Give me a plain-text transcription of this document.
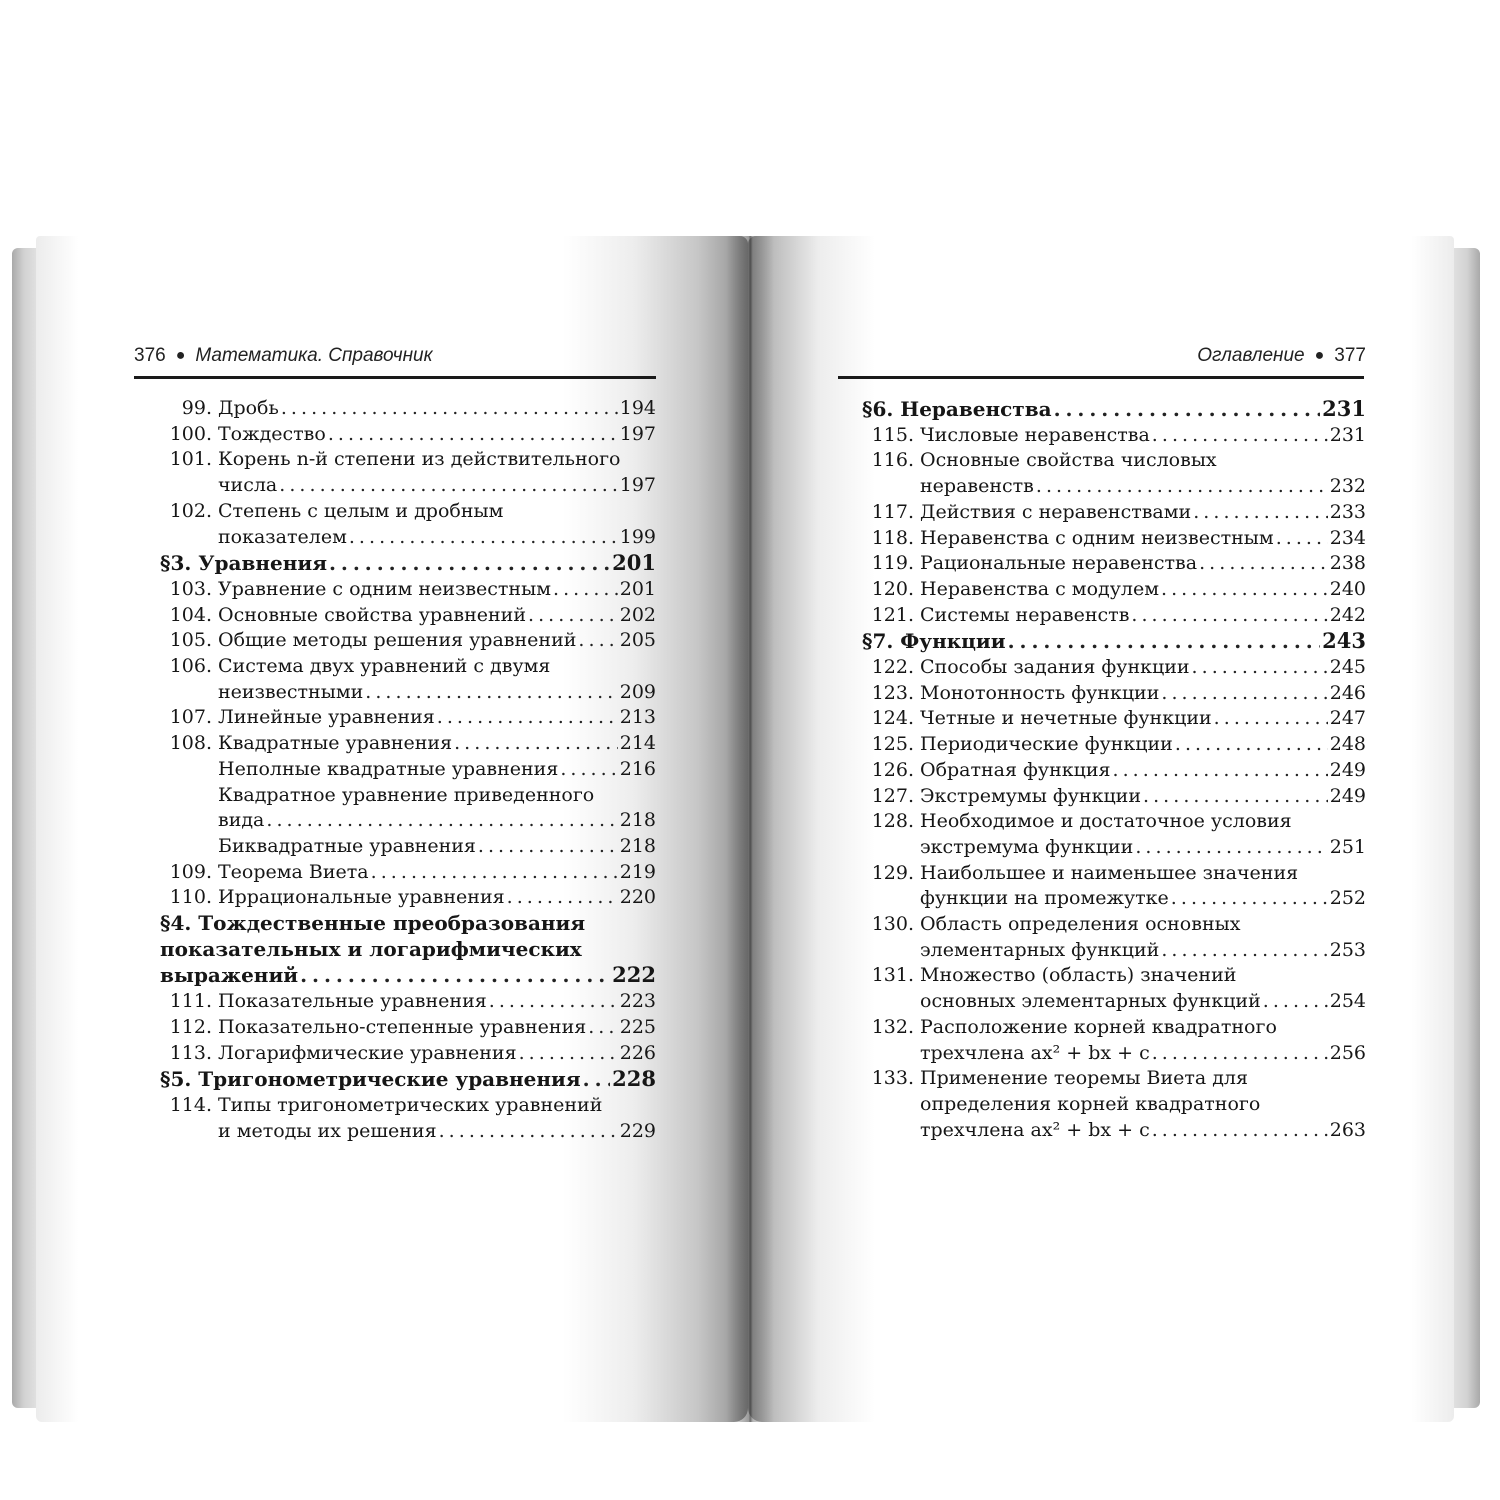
376 ● Математика. Справочник
99. Дробь . . .	194
100. Тождество . . .	197
101. Корень n-й степени из действительного
числа . . .	197
102. Степень с целым и дробным
показателем . . .	199
§3. Уравнения . . .	201
103. Уравнение с одним неизвестным . . .	201
104. Основные свойства уравнений . . .	202
105. Общие методы решения уравнений . . . 205
106. Система двух уравнений с двумя
неизвестными . . .	209
107. Линейные уравнения . . .	213
108. Квадратные уравнения . . .	214
Неполные квадратные уравнения . . .	216
Квадратное уравнение приведенного
вида . . .	218
Биквадратные уравнения . . .	218
109. Теорема Виета . . .	219
110. Иррациональные уравнения . . .	220
§4. Тождественные преобразования
показательных и логарифмических
выражений . . .	222
111. Показательные уравнения . . .	223
112. Показательно-степенные уравнения . . . 225
113. Логарифмические уравнения . . .	226
§5. Тригонометрические уравнения . . . 228
114. Типы тригонометрических уравнений
и методы их решения . . .	229
Оглавление ● 377
§6. Неравенства . . .	231
115. Числовые неравенства . . .	231
116. Основные свойства числовых
неравенств . . .	232
117. Действия с неравенствами . . .	233
118. Неравенства с одним неизвестным . . .	234
119. Рациональные неравенства . . .	238
120. Неравенства с модулем . . .	240
121. Системы неравенств . . .	242
§7. Функции . . .	243
122. Способы задания функции . . .	245
123. Монотонность функции . . .	246
124. Четные и нечетные функции . . .	247
125. Периодические функции . . .	248
126. Обратная функция . . .	249
127. Экстремумы функции . . .	249
128. Необходимое и достаточное условия
экстремума функции . . .	251
129. Наибольшее и наименьшее значения
функции на промежутке . . .	252
130. Область определения основных
элементарных функций . . .	253
131. Множество (область) значений
основных элементарных функций . . .	254
132. Расположение корней квадратного
трехчлена ax² + bx + c . . .	256
133. Применение теоремы Виета для
определения корней квадратного
трехчлена ax² + bx + c . . .	263
